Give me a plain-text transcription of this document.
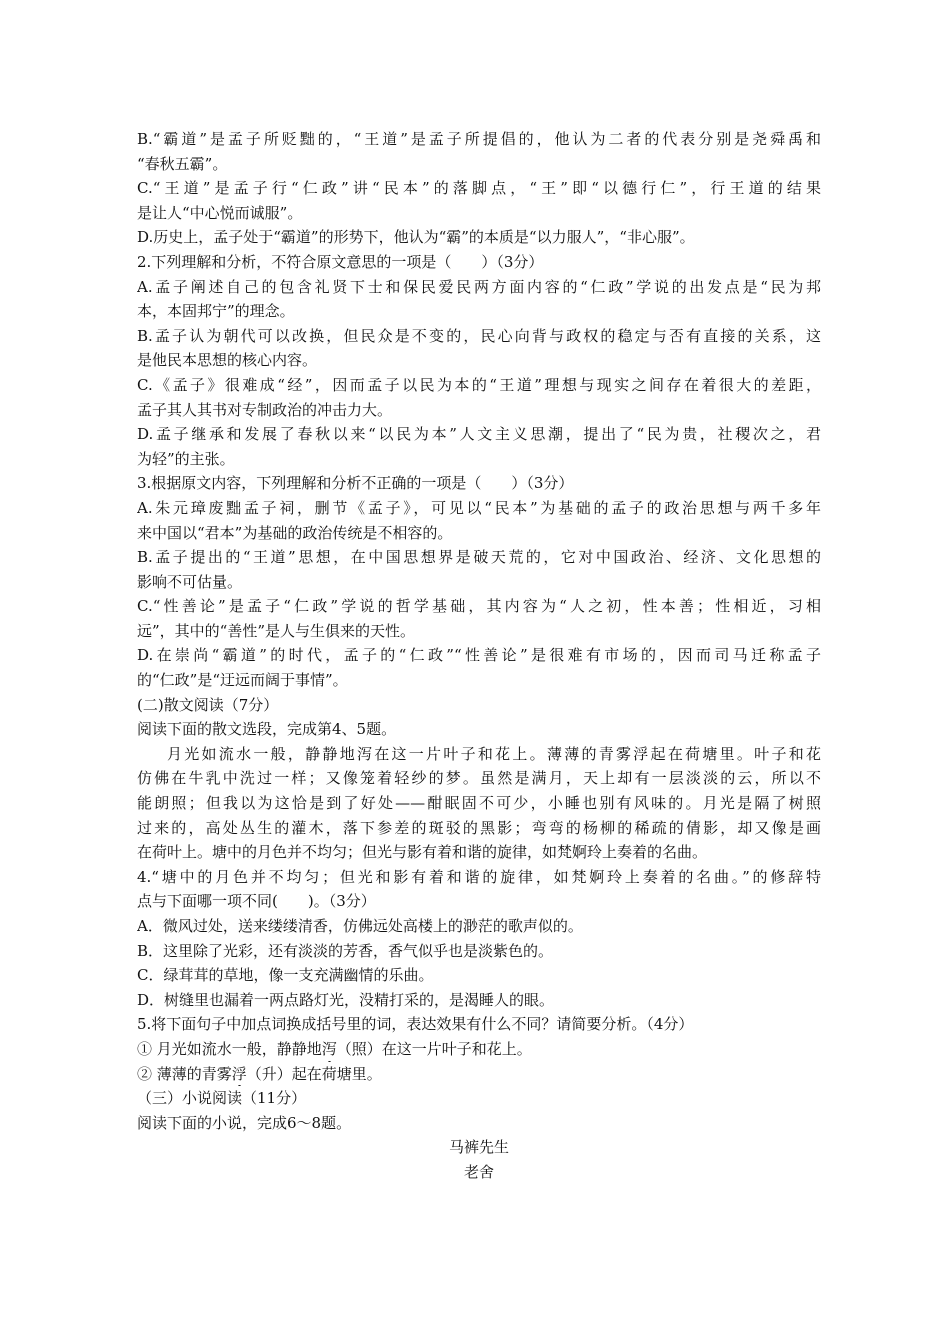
B.“霸道”是孟子所贬黜的，“王道”是孟子所提倡的，他认为二者的代表分别是尧舜禹和
“春秋五霸”。
C.“王道”是孟子行“仁政”讲“民本”的落脚点，“王”即“以德行仁”，行王道的结果
是让人“中心悦而诚服”。
D.历史上，孟子处于“霸道”的形势下，他认为“霸”的本质是“以力服人”，“非心服”。
2.下列理解和分析，不符合原文意思的一项是（　　）（3分）
A.孟子阐述自己的包含礼贤下士和保民爱民两方面内容的“仁政”学说的出发点是“民为邦
本，本固邦宁”的理念。
B.孟子认为朝代可以改换，但民众是不变的，民心向背与政权的稳定与否有直接的关系，这
是他民本思想的核心内容。
C.《孟子》很难成“经”，因而孟子以民为本的“王道”理想与现实之间存在着很大的差距，
孟子其人其书对专制政治的冲击力大。
D.孟子继承和发展了春秋以来“以民为本”人文主义思潮，提出了“民为贵，社稷次之，君
为轻”的主张。
3.根据原文内容，下列理解和分析不正确的一项是（　　）（3分）
A.朱元璋废黜孟子祠，删节《孟子》，可见以“民本”为基础的孟子的政治思想与两千多年
来中国以“君本”为基础的政治传统是不相容的。
B.孟子提出的“王道”思想，在中国思想界是破天荒的，它对中国政治、经济、文化思想的
影响不可估量。
C.“性善论”是孟子“仁政”学说的哲学基础，其内容为“人之初，性本善；性相近，习相
远”，其中的“善性”是人与生俱来的天性。
D.在崇尚“霸道”的时代，孟子的“仁政”“性善论”是很难有市场的，因而司马迁称孟子
的“仁政”是“迂远而阔于事情”。
(二)散文阅读（7分）
阅读下面的散文选段，完成第4、5题。
月光如流水一般，静静地泻在这一片叶子和花上。薄薄的青雾浮起在荷塘里。叶子和花
仿佛在牛乳中洗过一样；又像笼着轻纱的梦。虽然是满月，天上却有一层淡淡的云，所以不
能朗照；但我以为这恰是到了好处——酣眠固不可少，小睡也别有风味的。月光是隔了树照
过来的，高处丛生的灌木，落下参差的斑驳的黑影；弯弯的杨柳的稀疏的倩影，却又像是画
在荷叶上。塘中的月色并不均匀；但光与影有着和谐的旋律，如梵婀玲上奏着的名曲。
4.“塘中的月色并不均匀；但光和影有着和谐的旋律，如梵婀玲上奏着的名曲。”的修辞特
点与下面哪一项不同(　　)。（3分）
A．微风过处，送来缕缕清香，仿佛远处高楼上的渺茫的歌声似的。
B．这里除了光彩，还有淡淡的芳香，香气似乎也是淡紫色的。
C．绿茸茸的草地，像一支充满幽情的乐曲。
D．树缝里也漏着一两点路灯光，没精打采的，是渴睡人的眼。
5.将下面句子中加点词换成括号里的词，表达效果有什么不同？请简要分析。（4分）
① 月光如流水一般，静静地泻（照）在这一片叶子和花上。
② 薄薄的青雾浮（升）起在荷塘里。
（三）小说阅读（11分）
阅读下面的小说，完成6～8题。
马裤先生
老舍
